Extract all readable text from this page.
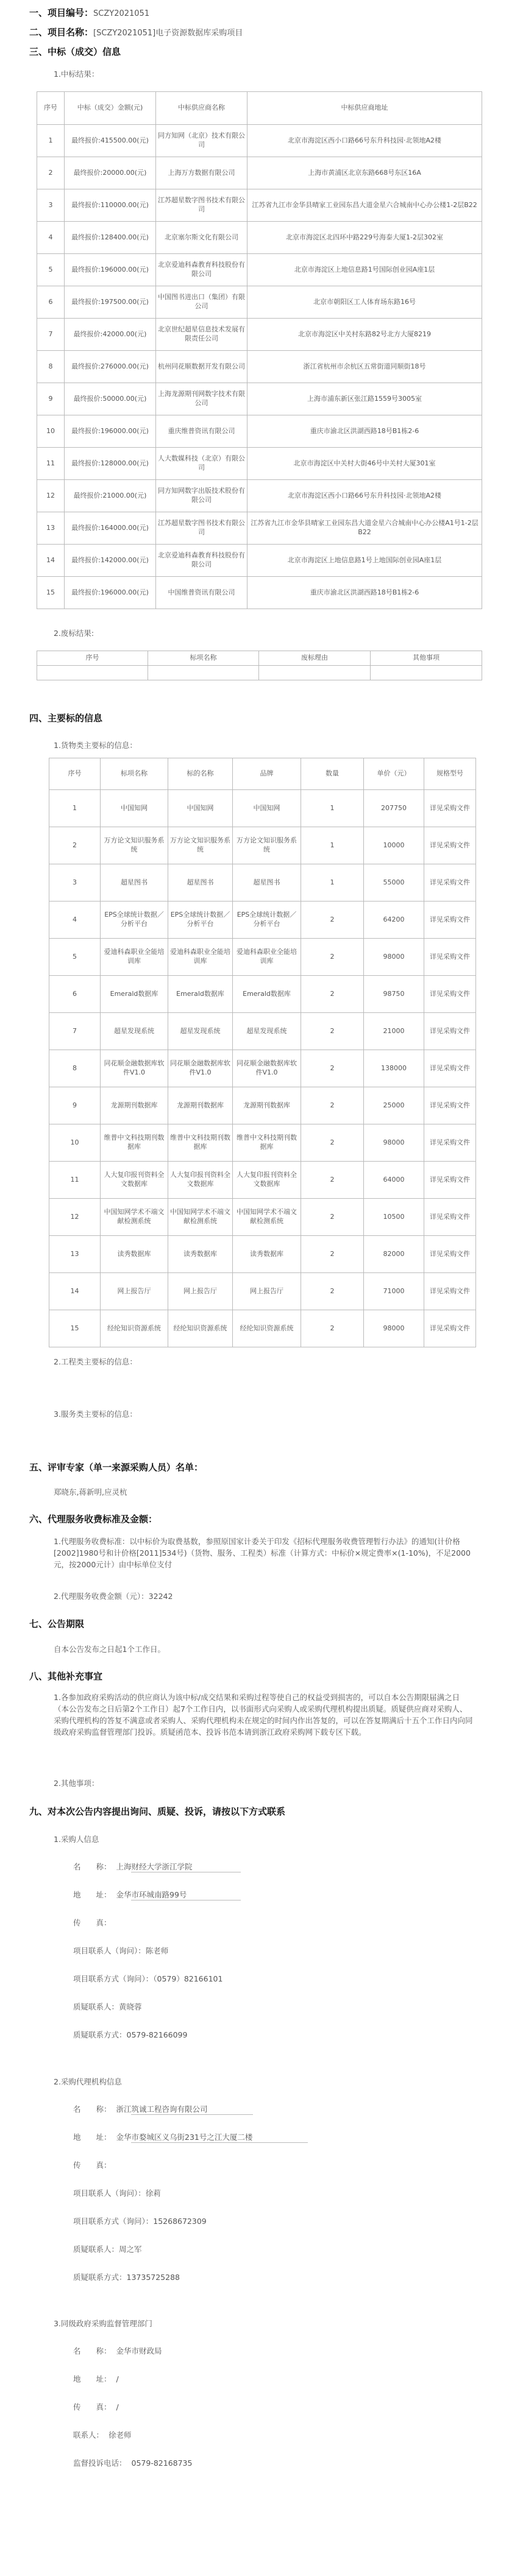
一、项目编号：SCZY2021051
二、项目名称：[SCZY2021051]电子资源数据库采购项目
三、中标（成交）信息
1.中标结果：
序号	中标（成交）金额(元)	中标供应商名称	中标供应商地址
1	最终报价:415500.00(元)	同方知网（北京）技术有限公司	北京市海淀区西小口路66号东升科技园·北领地A2楼
2	最终报价:20000.00(元)	上海万方数据有限公司	上海市黄浦区北京东路668号东区16A
3	最终报价:110000.00(元)	江苏超星数字图书技术有限公司	江苏省九江市金华县晴家工业园东昌大道金星六合城南中心办公楼1-2层B22
4	最终报价:128400.00(元)	北京塞尔斯文化有限公司	北京市海淀区北四环中路229号海泰大厦1-2层302室
5	最终报价:196000.00(元)	北京爱迪科森教育科技股份有限公司	北京市海淀区上地信息路1号国际创业园A座1层
6	最终报价:197500.00(元)	中国图书进出口（集团）有限公司	北京市朝阳区工人体育场东路16号
7	最终报价:42000.00(元)	北京世纪超星信息技术发展有限责任公司	北京市海淀区中关村东路82号北方大厦8219
8	最终报价:276000.00(元)	杭州同花顺数据开发有限公司	浙江省杭州市余杭区五常街道同顺街18号
9	最终报价:50000.00(元)	上海龙源期刊网数字技术有限公司	上海市浦东新区张江路1559号3005室
10	最终报价:196000.00(元)	重庆维普资讯有限公司	重庆市渝北区洪湖西路18号B1栋2-6
11	最终报价:128000.00(元)	人大数媒科技（北京）有限公司	北京市海淀区中关村大街46号中关村大厦301室
12	最终报价:21000.00(元)	同方知网数字出版技术股份有限公司	北京市海淀区西小口路66号东升科技园·北领地A2楼
13	最终报价:164000.00(元)	江苏超星数字图书技术有限公司	江苏省九江市金华县晴家工业园东昌大道金星六合城南中心办公楼A1号1-2层B22
14	最终报价:142000.00(元)	北京爱迪科森教育科技股份有限公司	北京市海淀区上地信息路1号上地国际创业园A座1层
15	最终报价:196000.00(元)	中国维普资讯有限公司	重庆市渝北区洪湖西路18号B1栋2-6
2.废标结果:
序号	标项名称	废标理由	其他事项

四、主要标的信息
1.货物类主要标的信息：
序号	标项名称	标的名称	品牌	数量	单价（元）	规格型号
1	中国知网	中国知网	中国知网	1	207750	详见采购文件
2	万方论文知识服务系统	万方论文知识服务系统	万方论文知识服务系统	1	10000	详见采购文件
3	超星图书	超星图书	超星图书	1	55000	详见采购文件
4	EPS全球统计数据／分析平台	EPS全球统计数据／分析平台	EPS全球统计数据／分析平台	2	64200	详见采购文件
5	爱迪科森职业全能培训库	爱迪科森职业全能培训库	爱迪科森职业全能培训库	2	98000	详见采购文件
6	Emerald数据库	Emerald数据库	Emerald数据库	2	98750	详见采购文件
7	超星发现系统	超星发现系统	超星发现系统	2	21000	详见采购文件
8	同花顺金融数据库软件V1.0	同花顺金融数据库软件V1.0	同花顺金融数据库软件V1.0	2	138000	详见采购文件
9	龙源期刊数据库	龙源期刊数据库	龙源期刊数据库	2	25000	详见采购文件
10	维普中文科技期刊数据库	维普中文科技期刊数据库	维普中文科技期刊数据库	2	98000	详见采购文件
11	人大复印报刊资料全文数据库	人大复印报刊资料全文数据库	人大复印报刊资料全文数据库	2	64000	详见采购文件
12	中国知网学术不端文献检测系统	中国知网学术不端文献检测系统	中国知网学术不端文献检测系统	2	10500	详见采购文件
13	读秀数据库	读秀数据库	读秀数据库	2	82000	详见采购文件
14	网上报告厅	网上报告厅	网上报告厅	2	71000	详见采购文件
15	经纶知识资源系统	经纶知识资源系统	经纶知识资源系统	2	98000	详见采购文件
2.工程类主要标的信息：
3.服务类主要标的信息：
五、评审专家（单一来源采购人员）名单：
郑晓东,蒋新明,应灵杭
六、代理服务收费标准及金额：
1.代理服务收费标准：以中标价为取费基数，参照原国家计委关于印发《招标代理服务收费管理暂行办法》的通知(计价格[2002]1980号和计价格[2011]534号)（货物、服务、工程类）标准（计算方式：中标价×规定费率×(1-10%)，不足2000元，按2000元计）由中标单位支付
2.代理服务收费金额（元）：32242
七、公告期限
自本公告发布之日起1个工作日。
八、其他补充事宜
1.各参加政府采购活动的供应商认为该中标/成交结果和采购过程等使自己的权益受到损害的，可以自本公告期限届满之日（本公告发布之日后第2个工作日）起7个工作日内，以书面形式向采购人或采购代理机构提出质疑。质疑供应商对采购人、采购代理机构的答复不满意或者采购人、采购代理机构未在规定的时间内作出答复的，可以在答复期满后十五个工作日内向同级政府采购监督管理部门投诉。质疑函范本、投诉书范本请到浙江政府采购网下载专区下载。
2.其他事项：
九、对本次公告内容提出询问、质疑、投诉，请按以下方式联系
1.采购人信息
名　　称： 上海财经大学浙江学院
地　　址： 金华市环城南路99号
传　　真：
项目联系人（询问）：陈老师
项目联系方式（询问）：（0579）82166101
质疑联系人：黄晓蓉
质疑联系方式：0579-82166099
2.采购代理机构信息
名　　称： 浙江筑诚工程咨询有限公司
地　　址： 金华市婺城区义乌街231号之江大厦二楼
传　　真：
项目联系人（询问）：徐莉
项目联系方式（询问）：15268672309
质疑联系人：周之军
质疑联系方式：13735725288
3.同级政府采购监督管理部门
名　　称： 金华市财政局
地　　址： /
传　　真： /
联系人： 徐老师
监督投诉电话： 0579-82168735
